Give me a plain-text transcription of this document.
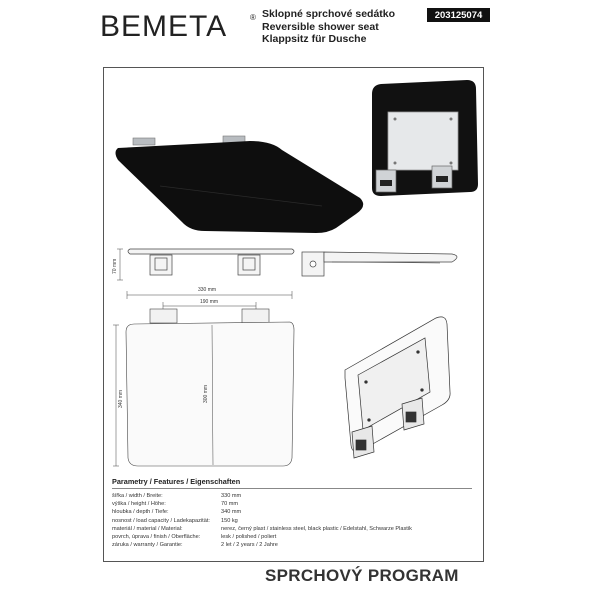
BEMETA	® Sklopné sprchové sedátko
Reversible shower seat
Klappsitz für Dusche
203125074
70 mm
330 mm
190 mm
340 mm	300 mm
Parametry / Features / Eigenschaften
šířka / width / Breite:	330 mm
výška / height / Höhe:	70 mm
hloubka / depth / Tiefe:	340 mm
nosnost / load capacity / Ladekapazität:	150 kg
materiál / material / Material:	nerez, černý plast / stainless steel, black plastic / Edelstahl, Schwarze Plastik
povrch, úprava / finish / Oberfläche:	lesk / polished / poliert
záruka / warranty / Garantie:	2 let / 2 years / 2 Jahre
SPRCHOVÝ PROGRAM
